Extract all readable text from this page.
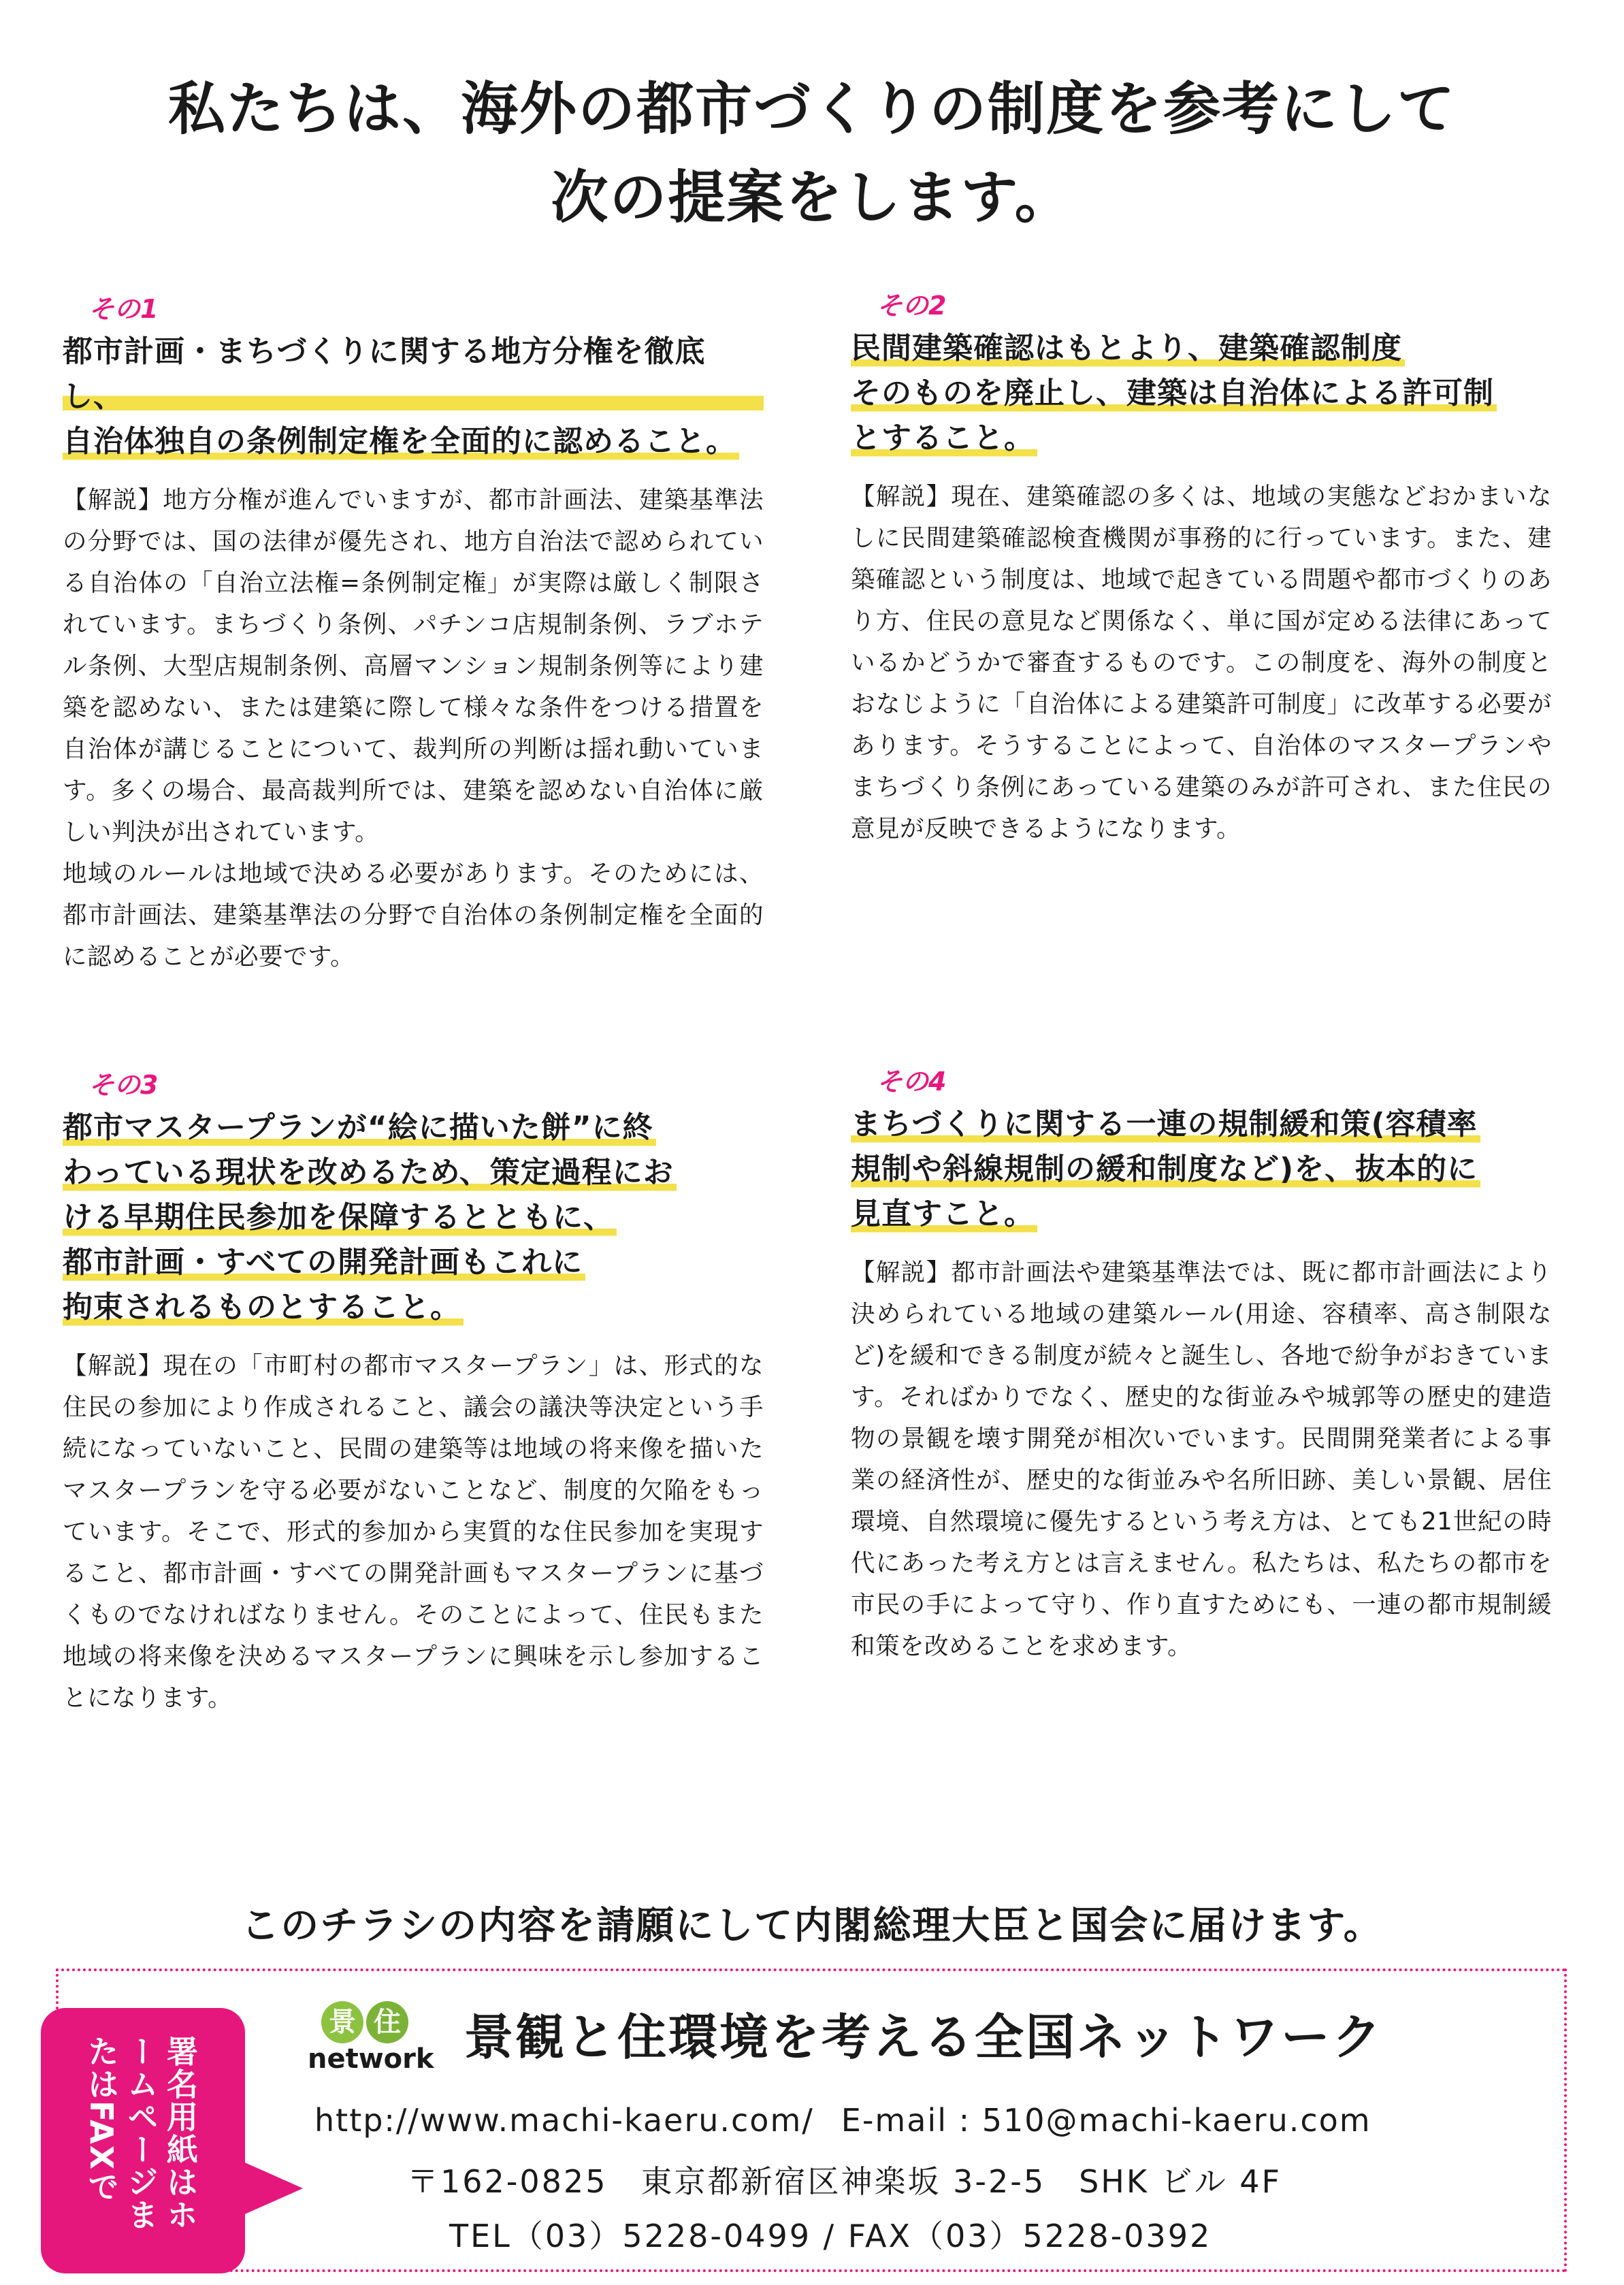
私たちは、海外の都市づくりの制度を参考にして
次の提案をします。
その1
都市計画・まちづくりに関する地方分権を徹底し、
自治体独自の条例制定権を全面的に認めること。
【解説】地方分権が進んでいますが、都市計画法、建築基準法の分野では、国の法律が優先され、地方自治法で認められている自治体の「自治立法権=条例制定権」が実際は厳しく制限されています。まちづくり条例、パチンコ店規制条例、ラブホテル条例、大型店規制条例、高層マンション規制条例等により建築を認めない、または建築に際して様々な条件をつける措置を自治体が講じることについて、裁判所の判断は揺れ動いています。多くの場合、最高裁判所では、建築を認めない自治体に厳しい判決が出されています。
地域のルールは地域で決める必要があります。そのためには、都市計画法、建築基準法の分野で自治体の条例制定権を全面的に認めることが必要です。
その2
民間建築確認はもとより、建築確認制度
そのものを廃止し、建築は自治体による許可制
とすること。
【解説】現在、建築確認の多くは、地域の実態などおかまいなしに民間建築確認検査機関が事務的に行っています。また、建築確認という制度は、地域で起きている問題や都市づくりのあり方、住民の意見など関係なく、単に国が定める法律にあっているかどうかで審査するものです。この制度を、海外の制度とおなじように「自治体による建築許可制度」に改革する必要があります。そうすることによって、自治体のマスタープランやまちづくり条例にあっている建築のみが許可され、また住民の意見が反映できるようになります。
その3
都市マスタープランが“絵に描いた餅”に終
わっている現状を改めるため、策定過程にお
ける早期住民参加を保障するとともに、
都市計画・すべての開発計画もこれに
拘束されるものとすること。
【解説】現在の「市町村の都市マスタープラン」は、形式的な住民の参加により作成されること、議会の議決等決定という手続になっていないこと、民間の建築等は地域の将来像を描いたマスタープランを守る必要がないことなど、制度的欠陥をもっています。そこで、形式的参加から実質的な住民参加を実現すること、都市計画・すべての開発計画もマスタープランに基づくものでなければなりません。そのことによって、住民もまた地域の将来像を決めるマスタープランに興味を示し参加することになります。
その4
まちづくりに関する一連の規制緩和策(容積率
規制や斜線規制の緩和制度など)を、抜本的に
見直すこと。
【解説】都市計画法や建築基準法では、既に都市計画法により決められている地域の建築ルール(用途、容積率、高さ制限など)を緩和できる制度が続々と誕生し、各地で紛争がおきています。そればかりでなく、歴史的な街並みや城郭等の歴史的建造物の景観を壊す開発が相次いでいます。民間開発業者による事業の経済性が、歴史的な街並みや名所旧跡、美しい景観、居住環境、自然環境に優先するという考え方は、とても21世紀の時代にあった考え方とは言えません。私たちは、私たちの都市を市民の手によって守り、作り直すためにも、一連の都市規制緩和策を改めることを求めます。
このチラシの内容を請願にして内閣総理大臣と国会に届けます。
署名用紙はホームページまたはFAXで
景 住
network 景観と住環境を考える全国ネットワーク
http://www.machi-kaeru.com/ E-mail : 510@machi-kaeru.com
〒162-0825　東京都新宿区神楽坂 3-2-5　SHK ビル 4F
TEL（03）5228-0499 / FAX（03）5228-0392
